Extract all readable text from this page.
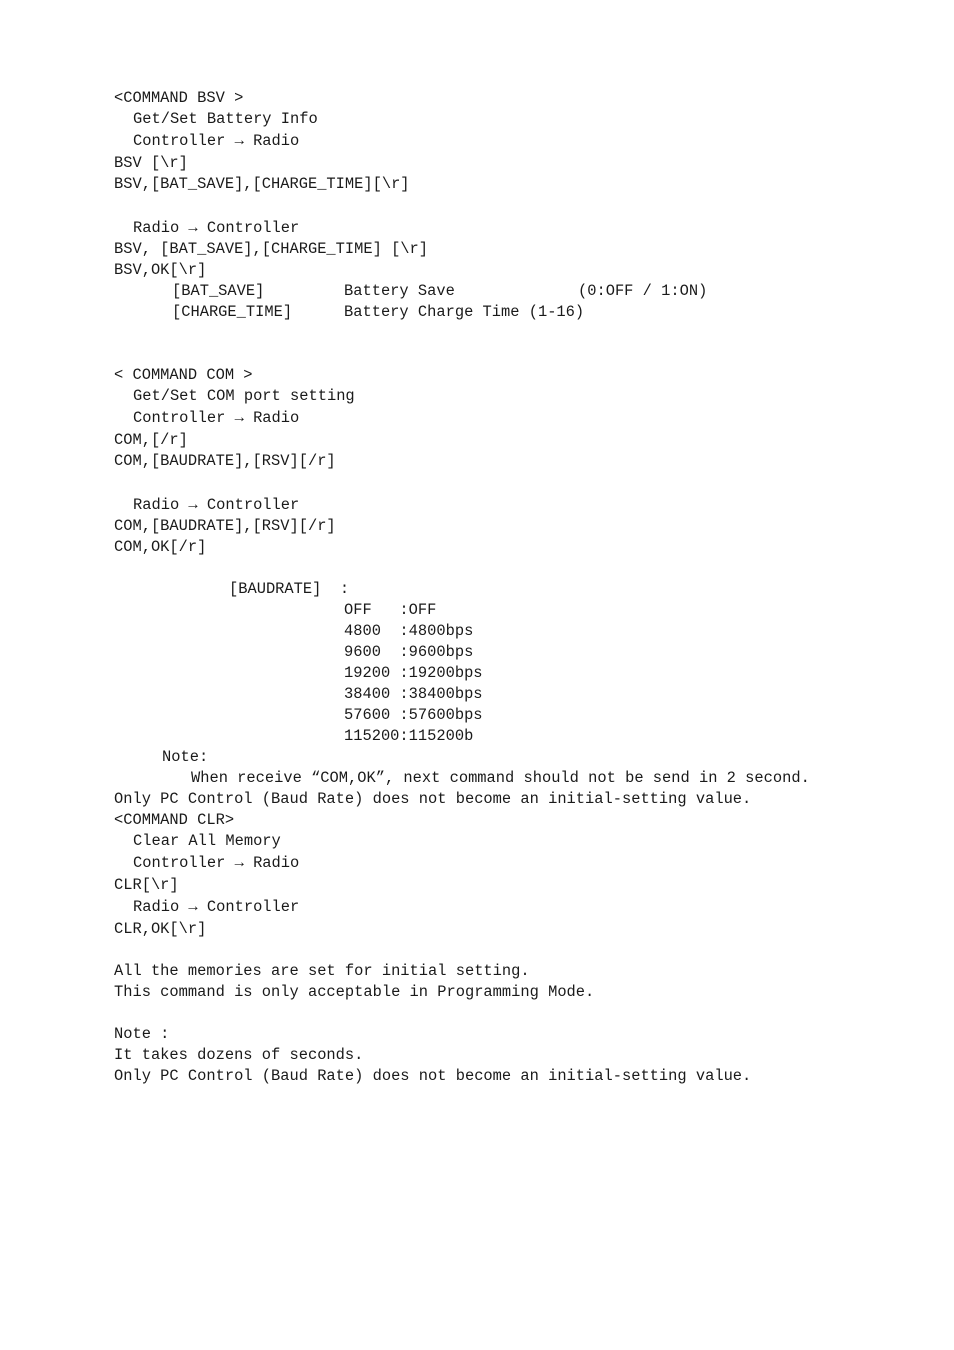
<COMMAND BSV >
Get/Set Battery Info
Controller → Radio
BSV [\r]
BSV,[BAT_SAVE],[CHARGE_TIME][\r]
Radio → Controller
BSV, [BAT_SAVE],[CHARGE_TIME] [\r]
BSV,OK[\r]
[BAT_SAVE]	Battery Save	(0:OFF / 1:ON)
[CHARGE_TIME]	Battery Charge Time (1-16)
< COMMAND COM >
Get/Set COM port setting
Controller → Radio
COM,[/r]
COM,[BAUDRATE],[RSV][/r]
Radio → Controller
COM,[BAUDRATE],[RSV][/r]
COM,OK[/r]
[BAUDRATE]  :
OFF   :OFF
4800  :4800bps
9600  :9600bps
19200 :19200bps
38400 :38400bps
57600 :57600bps
115200:115200b
Note:
When receive “COM,OK”, next command should not be send in 2 second.
Only PC Control (Baud Rate) does not become an initial-setting value.
<COMMAND CLR>
Clear All Memory
Controller → Radio
CLR[\r]
Radio → Controller
CLR,OK[\r]
All the memories are set for initial setting.
This command is only acceptable in Programming Mode.
Note :
It takes dozens of seconds.
Only PC Control (Baud Rate) does not become an initial-setting value.
